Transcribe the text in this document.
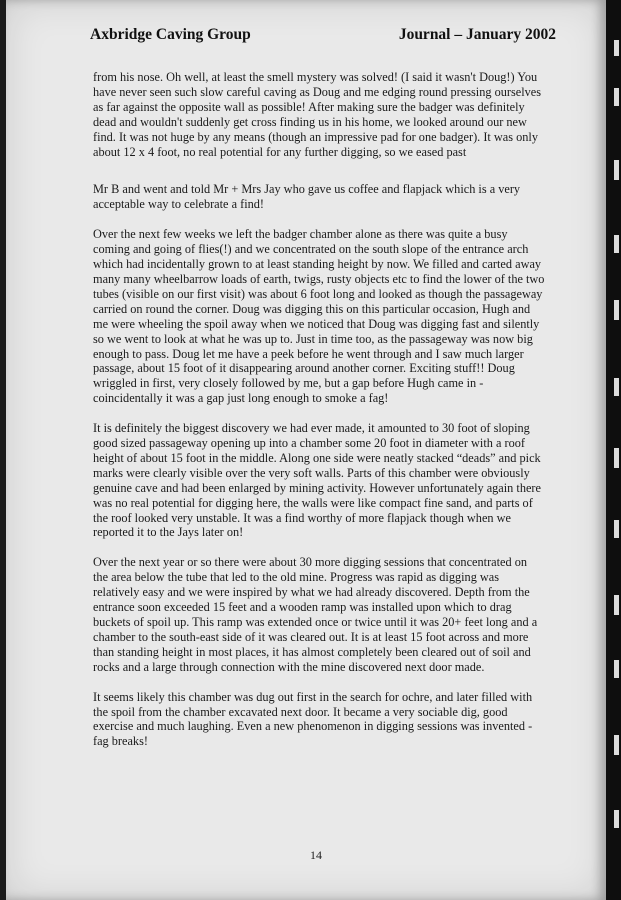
Axbridge Caving Group	Journal – January 2002

from his nose. Oh well, at least the smell mystery was solved! (I said it wasn't Doug!) You have never seen such slow careful caving as Doug and me edging round pressing ourselves as far against the opposite wall as possible! After making sure the badger was definitely dead and wouldn't suddenly get cross finding us in his home, we looked around our new find. It was not huge by any means (though an impressive pad for one badger). It was only about 12 x 4 foot, no real potential for any further digging, so we eased past

Mr B and went and told Mr + Mrs Jay who gave us coffee and flapjack which is a very acceptable way to celebrate a find!

Over the next few weeks we left the badger chamber alone as there was quite a busy coming and going of flies(!) and we concentrated on the south slope of the entrance arch which had incidentally grown to at least standing height by now. We filled and carted away many many wheelbarrow loads of earth, twigs, rusty objects etc to find the lower of the two tubes (visible on our first visit) was about 6 foot long and looked as though the passageway carried on round the corner. Doug was digging this on this particular occasion, Hugh and me were wheeling the spoil away when we noticed that Doug was digging fast and silently so we went to look at what he was up to. Just in time too, as the passageway was now big enough to pass. Doug let me have a peek before he went through and I saw much larger passage, about 15 foot of it disappearing around another corner. Exciting stuff!! Doug wriggled in first, very closely followed by me, but a gap before Hugh came in - coincidentally it was a gap just long enough to smoke a fag!

It is definitely the biggest discovery we had ever made, it amounted to 30 foot of sloping good sized passageway opening up into a chamber some 20 foot in diameter with a roof height of about 15 foot in the middle. Along one side were neatly stacked “deads” and pick marks were clearly visible over the very soft walls. Parts of this chamber were obviously genuine cave and had been enlarged by mining activity. However unfortunately again there was no real potential for digging here, the walls were like compact fine sand, and parts of the roof looked very unstable. It was a find worthy of more flapjack though when we reported it to the Jays later on!

Over the next year or so there were about 30 more digging sessions that concentrated on the area below the tube that led to the old mine. Progress was rapid as digging was relatively easy and we were inspired by what we had already discovered. Depth from the entrance soon exceeded 15 feet and a wooden ramp was installed upon which to drag buckets of spoil up. This ramp was extended once or twice until it was 20+ feet long and a chamber to the south-east side of it was cleared out. It is at least 15 foot across and more than standing height in most places, it has almost completely been cleared out of soil and rocks and a large through connection with the mine discovered next door made.

It seems likely this chamber was dug out first in the search for ochre, and later filled with the spoil from the chamber excavated next door. It became a very sociable dig, good exercise and much laughing. Even a new phenomenon in digging sessions was invented - fag breaks!

14
